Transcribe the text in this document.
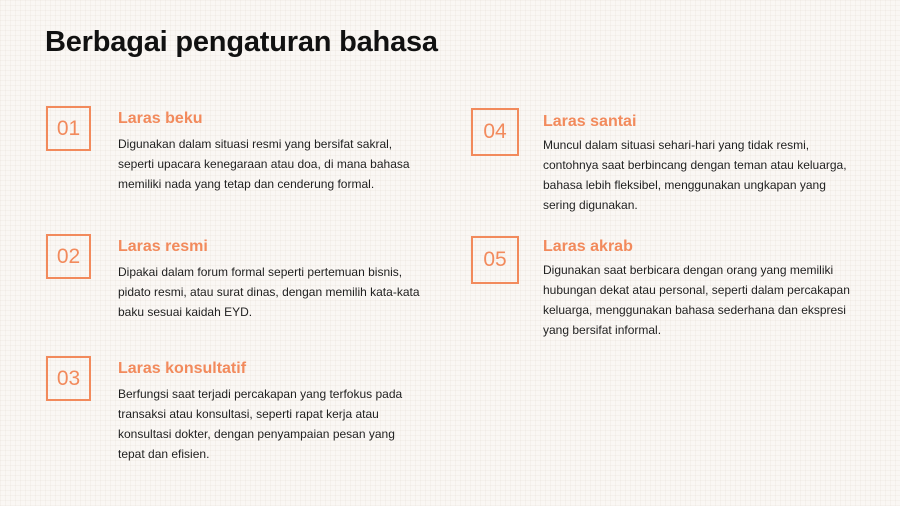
Berbagai pengaturan bahasa
01	Laras beku

Digunakan dalam situasi resmi yang bersifat sakral, seperti upacara kenegaraan atau doa, di mana bahasa memiliki nada yang tetap dan cenderung formal.

02	Laras resmi

Dipakai dalam forum formal seperti pertemuan bisnis, pidato resmi, atau surat dinas, dengan memilih kata-kata baku sesuai kaidah EYD.

03	Laras konsultatif

Berfungsi saat terjadi percakapan yang terfokus pada transaksi atau konsultasi, seperti rapat kerja atau konsultasi dokter, dengan penyampaian pesan yang tepat dan efisien.

04	Laras santai

Muncul dalam situasi sehari-hari yang tidak resmi, contohnya saat berbincang dengan teman atau keluarga, bahasa lebih fleksibel, menggunakan ungkapan yang sering digunakan.

05
Laras akrab

Digunakan saat berbicara dengan orang yang memiliki hubungan dekat atau personal, seperti dalam percakapan keluarga, menggunakan bahasa sederhana dan ekspresi yang bersifat informal.
